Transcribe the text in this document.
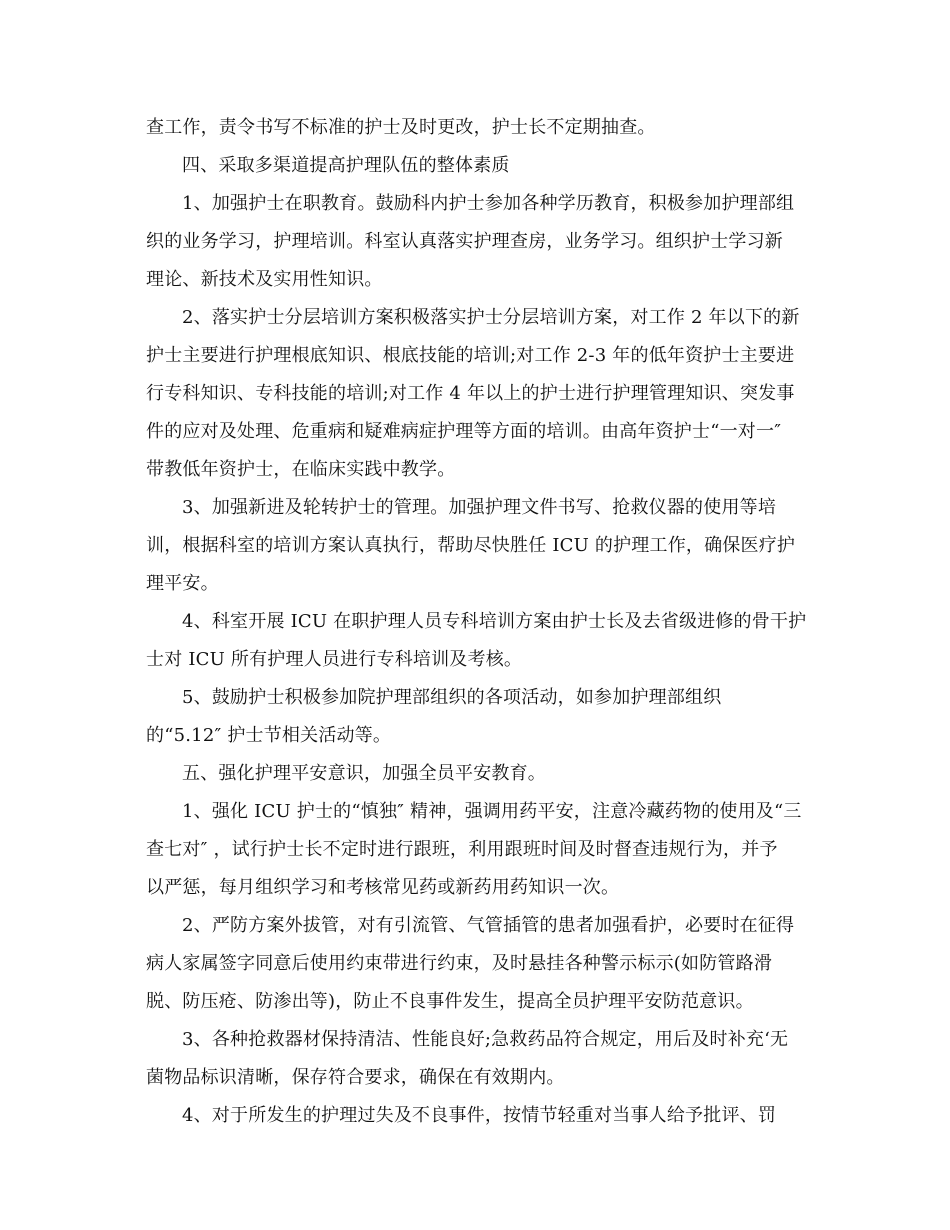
查工作，责令书写不标准的护士及时更改，护士长不定期抽查。
四、采取多渠道提高护理队伍的整体素质
1、加强护士在职教育。鼓励科内护士参加各种学历教育，积极参加护理部组
织的业务学习，护理培训。科室认真落实护理查房，业务学习。组织护士学习新
理论、新技术及实用性知识。
2、落实护士分层培训方案积极落实护士分层培训方案，对工作 2 年以下的新
护士主要进行护理根底知识、根底技能的培训;对工作 2-3 年的低年资护士主要进
行专科知识、专科技能的培训;对工作 4 年以上的护士进行护理管理知识、突发事
件的应对及处理、危重病和疑难病症护理等方面的培训。由高年资护士“一对一″
带教低年资护士，在临床实践中教学。
3、加强新进及轮转护士的管理。加强护理文件书写、抢救仪器的使用等培
训，根据科室的培训方案认真执行，帮助尽快胜任 ICU 的护理工作，确保医疗护
理平安。
4、科室开展 ICU 在职护理人员专科培训方案由护士长及去省级进修的骨干护
士对 ICU 所有护理人员进行专科培训及考核。
5、鼓励护士积极参加院护理部组织的各项活动，如参加护理部组织
的“5.12″ 护士节相关活动等。
五、强化护理平安意识，加强全员平安教育。
1、强化 ICU 护士的“慎独″ 精神，强调用药平安，注意冷藏药物的使用及“三
查七对″ ，试行护士长不定时进行跟班，利用跟班时间及时督查违规行为，并予
以严惩，每月组织学习和考核常见药或新药用药知识一次。
2、严防方案外拔管，对有引流管、气管插管的患者加强看护，必要时在征得
病人家属签字同意后使用约束带进行约束，及时悬挂各种警示标示(如防管路滑
脱、防压疮、防渗出等)，防止不良事件发生，提高全员护理平安防范意识。
3、各种抢救器材保持清洁、性能良好;急救药品符合规定，用后及时补充‘无
菌物品标识清晰，保存符合要求，确保在有效期内。
4、对于所发生的护理过失及不良事件，按情节轻重对当事人给予批评、罚
